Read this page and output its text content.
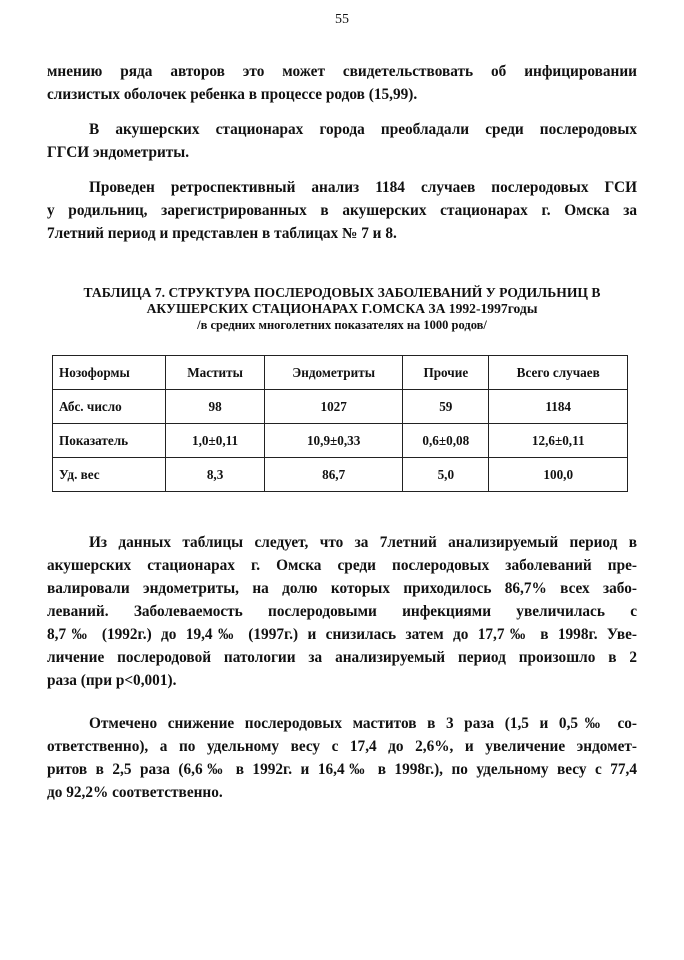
55

мнению ряда авторов это может свидетельствовать об инфицировании
слизистых оболочек ребенка в процессе родов (15,99).

В акушерских стационарах города преобладали среди послеродовых
ГГСИ эндометриты.

Проведен ретроспективный анализ 1184 случаев послеродовых ГСИ
у родильниц, зарегистрированных в акушерских стационарах г. Омска за
7летний период и представлен в таблицах № 7 и 8.

ТАБЛИЦА 7. СТРУКТУРА ПОСЛЕРОДОВЫХ ЗАБОЛЕВАНИЙ У РОДИЛЬНИЦ В
АКУШЕРСКИХ СТАЦИОНАРАХ Г.ОМСКА ЗА 1992-1997годы
/в средних многолетних показателях на 1000 родов/
Нозоформы	Маститы	Эндометриты	Прочие	Всего случаев
Абс. число	98	1027	59	1184
Показатель	1,0±0,11	10,9±0,33	0,6±0,08	12,6±0,11
Уд. вес	8,3	86,7	5,0	100,0

Из данных таблицы следует, что за 7летний анализируемый период в
акушерских стационарах г. Омска среди послеродовых заболеваний пре-
валировали эндометриты, на долю которых приходилось 86,7% всех забо-
леваний. Заболеваемость послеродовыми инфекциями увеличилась с
8,7‰ (1992г.) до 19,4‰ (1997г.) и снизилась затем до 17,7‰ в 1998г. Уве-
личение послеродовой патологии за анализируемый период произошло в 2
раза (при р<0,001).

Отмечено снижение послеродовых маститов в 3 раза (1,5 и 0,5‰ со-
ответственно), а по удельному весу с 17,4 до 2,6%, и увеличение эндомет-
ритов в 2,5 раза (6,6‰ в 1992г. и 16,4‰ в 1998г.), по удельному весу с 77,4
до 92,2% соответственно.
